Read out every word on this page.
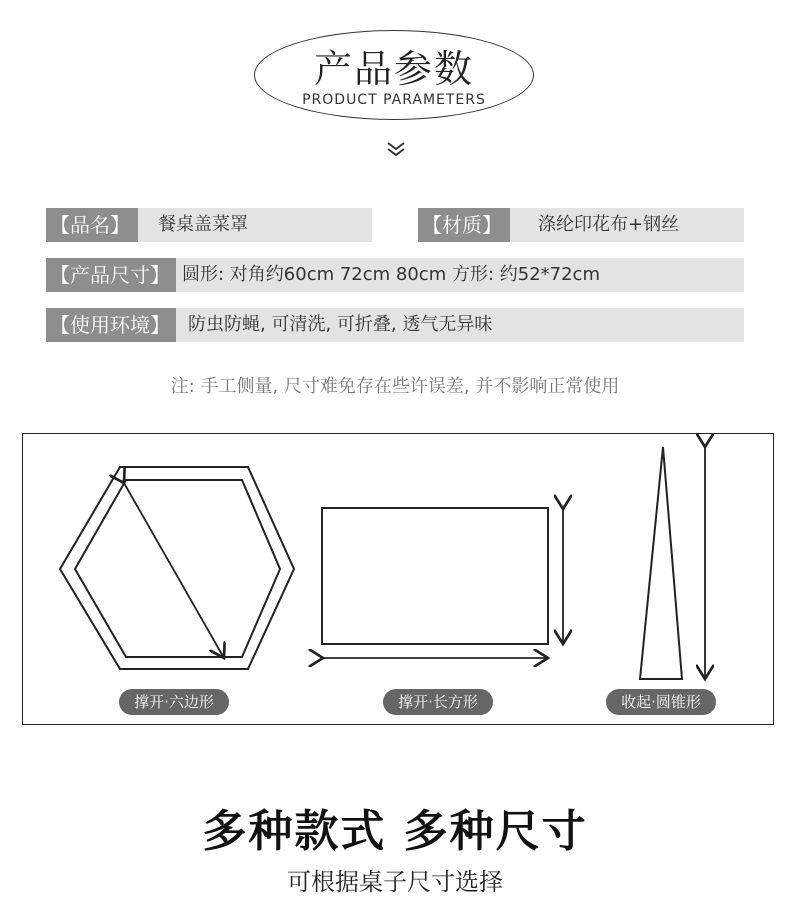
产品参数
PRODUCT PARAMETERS
【品名】	餐桌盖菜罩	【材质】	涤纶印花布+钢丝
【产品尺寸】 圆形: 对角约60cm 72cm 80cm 方形: 约52*72cm
【使用环境】	防虫防蝇, 可清洗, 可折叠, 透气无异味
注: 手工侧量, 尺寸难免存在些许误差, 并不影响正常使用
撑开·六边形	撑开·长方形	收起·圆锥形
多种款式 多种尺寸
可根据桌子尺寸选择
